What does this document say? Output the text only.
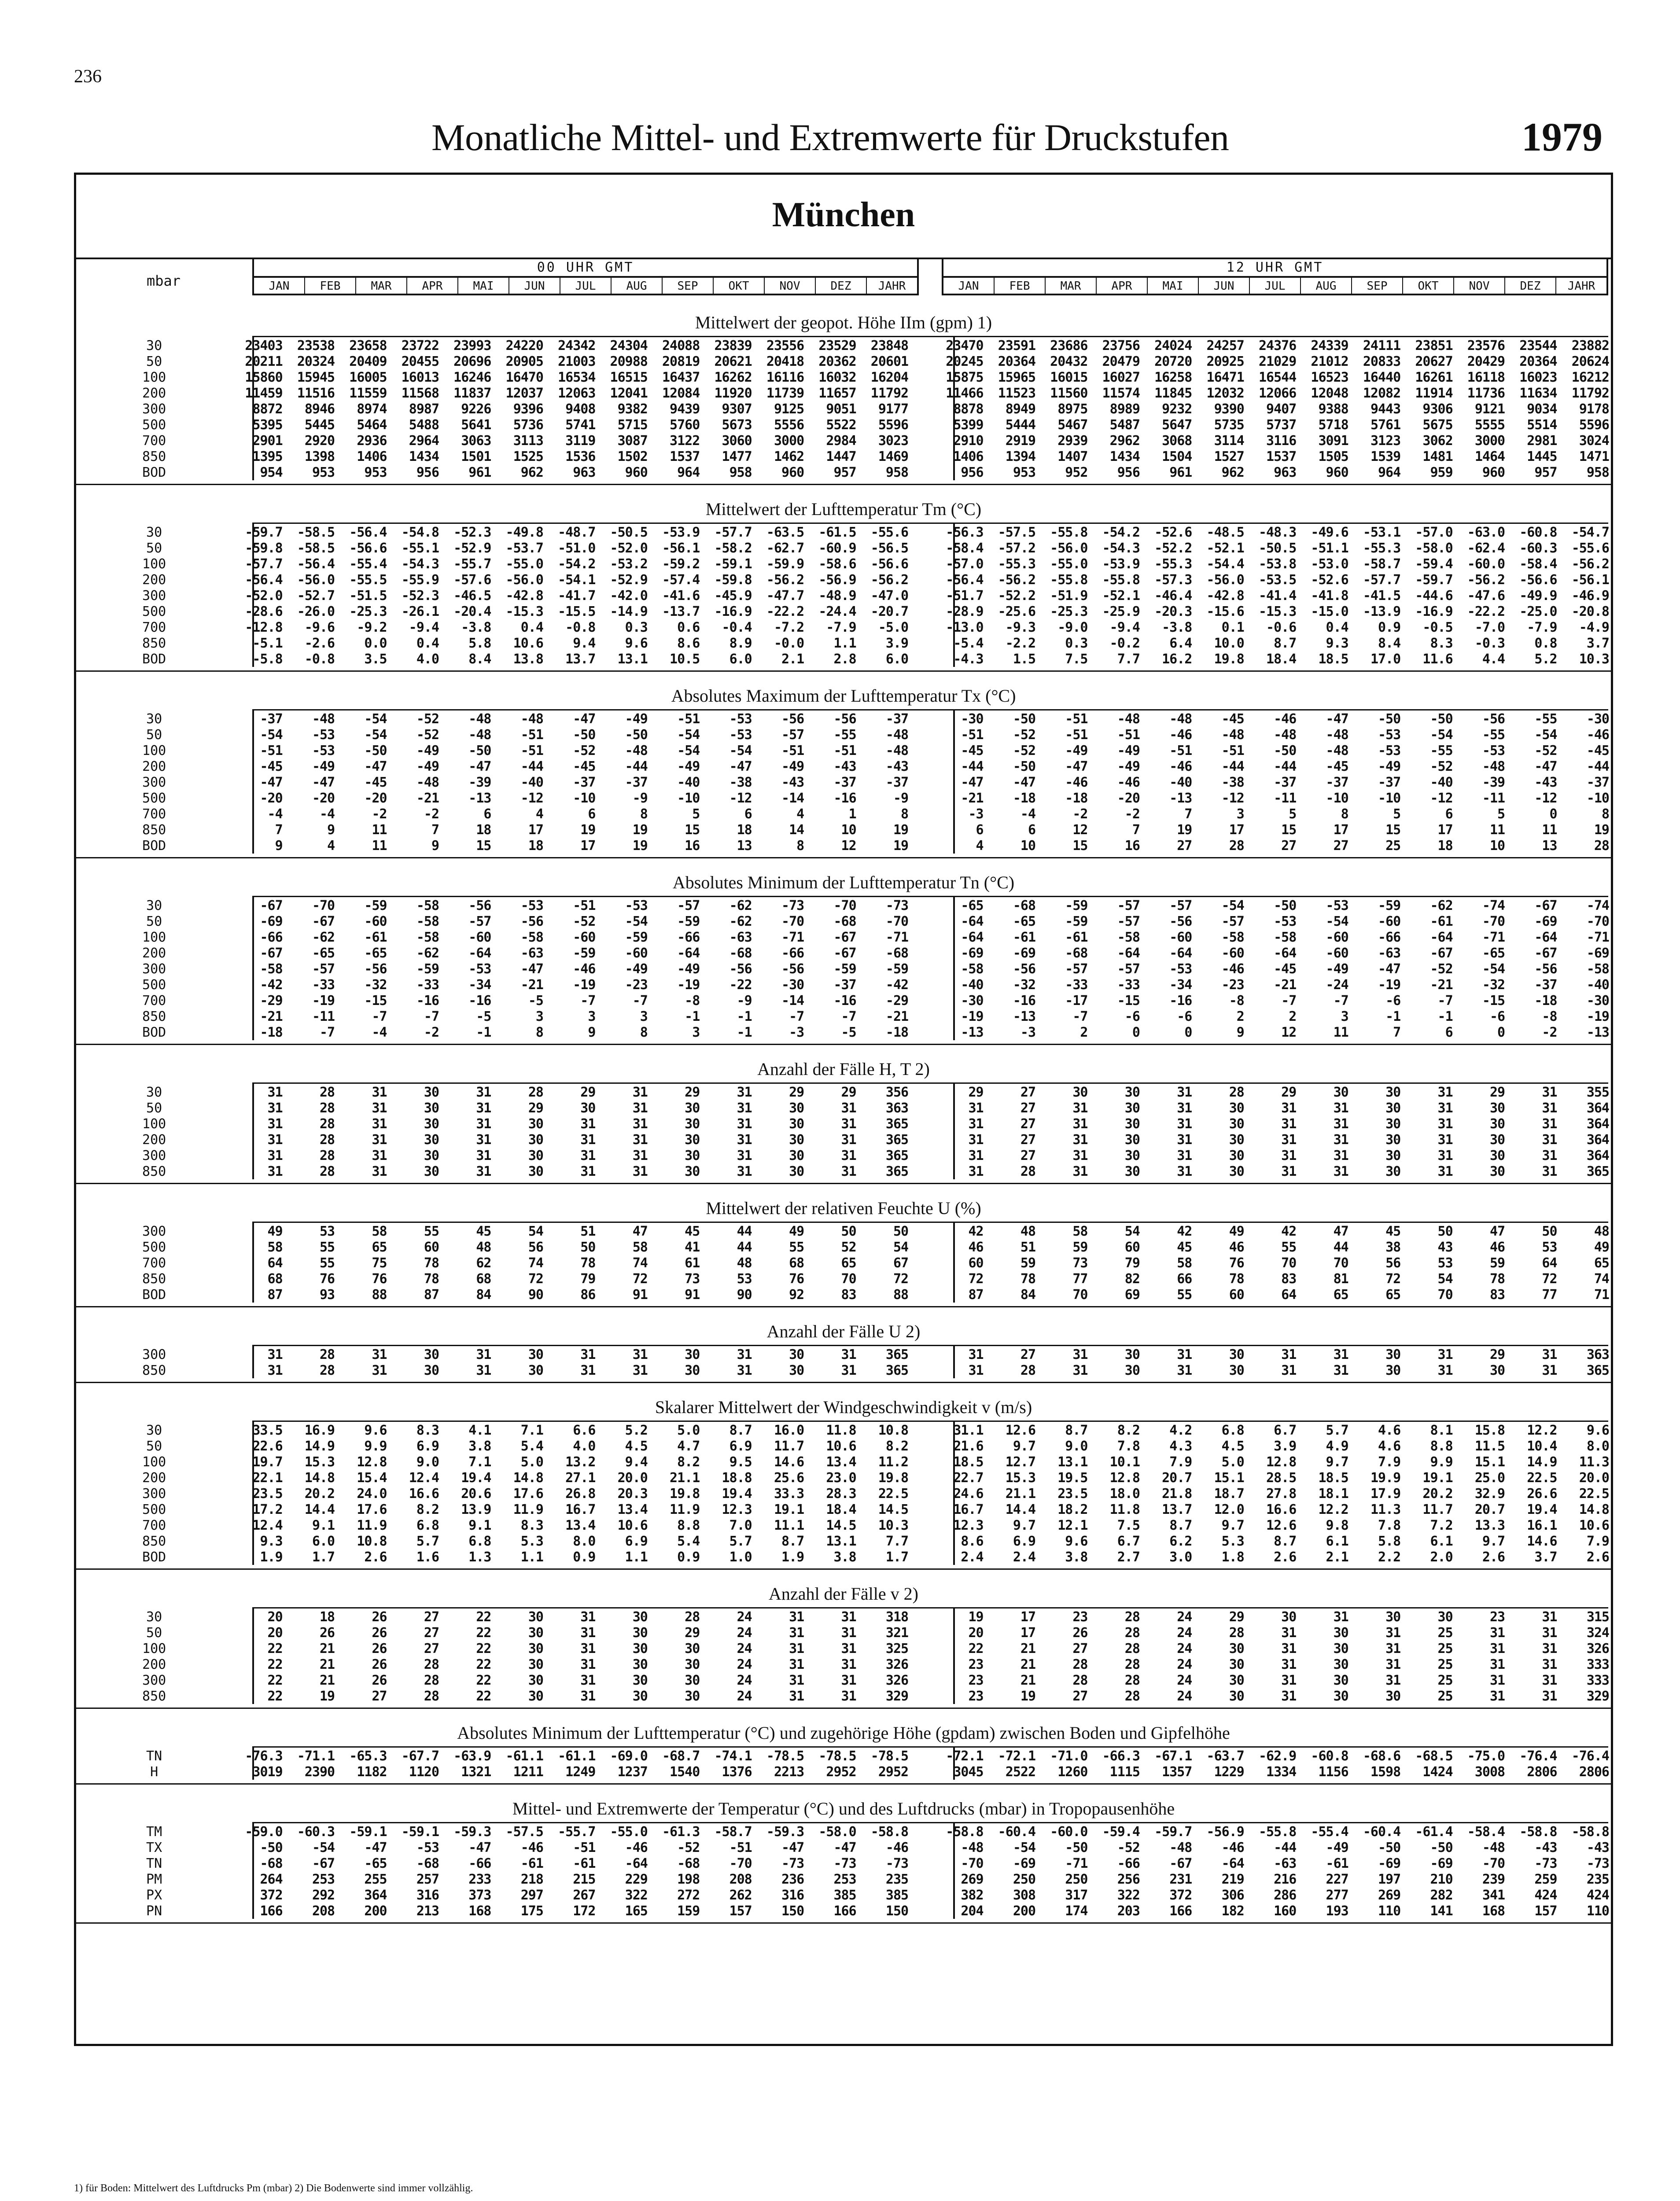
236
Monatliche Mittel- und Extremwerte für Druckstufen	1979
München
mbar
00 UHR GMT
JAN	FEB	MAR	APR	MAI	JUN	JUL	AUG	SEP	OKT	NOV	DEZ	JAHR
12 UHR GMT
JAN	FEB	MAR	APR	MAI	JUN	JUL	AUG	SEP	OKT	NOV	DEZ	JAHR
Mittelwert der geopot. Höhe IIm (gpm) 1)
30	23403	23538	23658	23722	23993	24220	24342	24304	24088	23839	23556	23529	23848	23470	23591	23686	23756	24024	24257	24376	24339	24111	23851	23576	23544	23882
50	20211	20324	20409	20455	20696	20905	21003	20988	20819	20621	20418	20362	20601	20245	20364	20432	20479	20720	20925	21029	21012	20833	20627	20429	20364	20624
100	15860	15945	16005	16013	16246	16470	16534	16515	16437	16262	16116	16032	16204	15875	15965	16015	16027	16258	16471	16544	16523	16440	16261	16118	16023	16212
200	11459	11516	11559	11568	11837	12037	12063	12041	12084	11920	11739	11657	11792	11466	11523	11560	11574	11845	12032	12066	12048	12082	11914	11736	11634	11792
300	8872	8946	8974	8987	9226	9396	9408	9382	9439	9307	9125	9051	9177	8878	8949	8975	8989	9232	9390	9407	9388	9443	9306	9121	9034	9178
500	5395	5445	5464	5488	5641	5736	5741	5715	5760	5673	5556	5522	5596	5399	5444	5467	5487	5647	5735	5737	5718	5761	5675	5555	5514	5596
700	2901	2920	2936	2964	3063	3113	3119	3087	3122	3060	3000	2984	3023	2910	2919	2939	2962	3068	3114	3116	3091	3123	3062	3000	2981	3024
850	1395	1398	1406	1434	1501	1525	1536	1502	1537	1477	1462	1447	1469	1406	1394	1407	1434	1504	1527	1537	1505	1539	1481	1464	1445	1471
BOD	954	953	953	956	961	962	963	960	964	958	960	957	958	956	953	952	956	961	962	963	960	964	959	960	957	958
Mittelwert der Lufttemperatur Tm (°C)
30	-59.7	-58.5	-56.4	-54.8	-52.3	-49.8	-48.7	-50.5	-53.9	-57.7	-63.5	-61.5	-55.6	-56.3	-57.5	-55.8	-54.2	-52.6	-48.5	-48.3	-49.6	-53.1	-57.0	-63.0	-60.8	-54.7
50	-59.8	-58.5	-56.6	-55.1	-52.9	-53.7	-51.0	-52.0	-56.1	-58.2	-62.7	-60.9	-56.5	-58.4	-57.2	-56.0	-54.3	-52.2	-52.1	-50.5	-51.1	-55.3	-58.0	-62.4	-60.3	-55.6
100	-57.7	-56.4	-55.4	-54.3	-55.7	-55.0	-54.2	-53.2	-59.2	-59.1	-59.9	-58.6	-56.6	-57.0	-55.3	-55.0	-53.9	-55.3	-54.4	-53.8	-53.0	-58.7	-59.4	-60.0	-58.4	-56.2
200	-56.4	-56.0	-55.5	-55.9	-57.6	-56.0	-54.1	-52.9	-57.4	-59.8	-56.2	-56.9	-56.2	-56.4	-56.2	-55.8	-55.8	-57.3	-56.0	-53.5	-52.6	-57.7	-59.7	-56.2	-56.6	-56.1
300	-52.0	-52.7	-51.5	-52.3	-46.5	-42.8	-41.7	-42.0	-41.6	-45.9	-47.7	-48.9	-47.0	-51.7	-52.2	-51.9	-52.1	-46.4	-42.8	-41.4	-41.8	-41.5	-44.6	-47.6	-49.9	-46.9
500	-28.6	-26.0	-25.3	-26.1	-20.4	-15.3	-15.5	-14.9	-13.7	-16.9	-22.2	-24.4	-20.7	-28.9	-25.6	-25.3	-25.9	-20.3	-15.6	-15.3	-15.0	-13.9	-16.9	-22.2	-25.0	-20.8
700	-12.8	-9.6	-9.2	-9.4	-3.8	0.4	-0.8	0.3	0.6	-0.4	-7.2	-7.9	-5.0	-13.0	-9.3	-9.0	-9.4	-3.8	0.1	-0.6	0.4	0.9	-0.5	-7.0	-7.9	-4.9
850	-5.1	-2.6	0.0	0.4	5.8	10.6	9.4	9.6	8.6	8.9	-0.0	1.1	3.9	-5.4	-2.2	0.3	-0.2	6.4	10.0	8.7	9.3	8.4	8.3	-0.3	0.8	3.7
BOD	-5.8	-0.8	3.5	4.0	8.4	13.8	13.7	13.1	10.5	6.0	2.1	2.8	6.0	-4.3	1.5	7.5	7.7	16.2	19.8	18.4	18.5	17.0	11.6	4.4	5.2	10.3
Absolutes Maximum der Lufttemperatur Tx (°C)
30	-37	-48	-54	-52	-48	-48	-47	-49	-51	-53	-56	-56	-37	-30	-50	-51	-48	-48	-45	-46	-47	-50	-50	-56	-55	-30
50	-54	-53	-54	-52	-48	-51	-50	-50	-54	-53	-57	-55	-48	-51	-52	-51	-51	-46	-48	-48	-48	-53	-54	-55	-54	-46
100	-51	-53	-50	-49	-50	-51	-52	-48	-54	-54	-51	-51	-48	-45	-52	-49	-49	-51	-51	-50	-48	-53	-55	-53	-52	-45
200	-45	-49	-47	-49	-47	-44	-45	-44	-49	-47	-49	-43	-43	-44	-50	-47	-49	-46	-44	-44	-45	-49	-52	-48	-47	-44
300	-47	-47	-45	-48	-39	-40	-37	-37	-40	-38	-43	-37	-37	-47	-47	-46	-46	-40	-38	-37	-37	-37	-40	-39	-43	-37
500	-20	-20	-20	-21	-13	-12	-10	-9	-10	-12	-14	-16	-9	-21	-18	-18	-20	-13	-12	-11	-10	-10	-12	-11	-12	-10
700	-4	-4	-2	-2	6	4	6	8	5	6	4	1	8	-3	-4	-2	-2	7	3	5	8	5	6	5	0	8
850	7	9	11	7	18	17	19	19	15	18	14	10	19	6	6	12	7	19	17	15	17	15	17	11	11	19
BOD	9	4	11	9	15	18	17	19	16	13	8	12	19	4	10	15	16	27	28	27	27	25	18	10	13	28
Absolutes Minimum der Lufttemperatur Tn (°C)
30	-67	-70	-59	-58	-56	-53	-51	-53	-57	-62	-73	-70	-73	-65	-68	-59	-57	-57	-54	-50	-53	-59	-62	-74	-67	-74
50	-69	-67	-60	-58	-57	-56	-52	-54	-59	-62	-70	-68	-70	-64	-65	-59	-57	-56	-57	-53	-54	-60	-61	-70	-69	-70
100	-66	-62	-61	-58	-60	-58	-60	-59	-66	-63	-71	-67	-71	-64	-61	-61	-58	-60	-58	-58	-60	-66	-64	-71	-64	-71
200	-67	-65	-65	-62	-64	-63	-59	-60	-64	-68	-66	-67	-68	-69	-69	-68	-64	-64	-60	-64	-60	-63	-67	-65	-67	-69
300	-58	-57	-56	-59	-53	-47	-46	-49	-49	-56	-56	-59	-59	-58	-56	-57	-57	-53	-46	-45	-49	-47	-52	-54	-56	-58
500	-42	-33	-32	-33	-34	-21	-19	-23	-19	-22	-30	-37	-42	-40	-32	-33	-33	-34	-23	-21	-24	-19	-21	-32	-37	-40
700	-29	-19	-15	-16	-16	-5	-7	-7	-8	-9	-14	-16	-29	-30	-16	-17	-15	-16	-8	-7	-7	-6	-7	-15	-18	-30
850	-21	-11	-7	-7	-5	3	3	3	-1	-1	-7	-7	-21	-19	-13	-7	-6	-6	2	2	3	-1	-1	-6	-8	-19
BOD	-18	-7	-4	-2	-1	8	9	8	3	-1	-3	-5	-18	-13	-3	2	0	0	9	12	11	7	6	0	-2	-13
Anzahl der Fälle H, T 2)
30	31	28	31	30	31	28	29	31	29	31	29	29	356	29	27	30	30	31	28	29	30	30	31	29	31	355
50	31	28	31	30	31	29	30	31	30	31	30	31	363	31	27	31	30	31	30	31	31	30	31	30	31	364
100	31	28	31	30	31	30	31	31	30	31	30	31	365	31	27	31	30	31	30	31	31	30	31	30	31	364
200	31	28	31	30	31	30	31	31	30	31	30	31	365	31	27	31	30	31	30	31	31	30	31	30	31	364
300	31	28	31	30	31	30	31	31	30	31	30	31	365	31	27	31	30	31	30	31	31	30	31	30	31	364
850	31	28	31	30	31	30	31	31	30	31	30	31	365	31	28	31	30	31	30	31	31	30	31	30	31	365
Mittelwert der relativen Feuchte U (%)
300	49	53	58	55	45	54	51	47	45	44	49	50	50	42	48	58	54	42	49	42	47	45	50	47	50	48
500	58	55	65	60	48	56	50	58	41	44	55	52	54	46	51	59	60	45	46	55	44	38	43	46	53	49
700	64	55	75	78	62	74	78	74	61	48	68	65	67	60	59	73	79	58	76	70	70	56	53	59	64	65
850	68	76	76	78	68	72	79	72	73	53	76	70	72	72	78	77	82	66	78	83	81	72	54	78	72	74
BOD	87	93	88	87	84	90	86	91	91	90	92	83	88	87	84	70	69	55	60	64	65	65	70	83	77	71
Anzahl der Fälle U 2)
300	31	28	31	30	31	30	31	31	30	31	30	31	365	31	27	31	30	31	30	31	31	30	31	29	31	363
850	31	28	31	30	31	30	31	31	30	31	30	31	365	31	28	31	30	31	30	31	31	30	31	30	31	365
Skalarer Mittelwert der Windgeschwindigkeit v (m/s)
30	33.5	16.9	9.6	8.3	4.1	7.1	6.6	5.2	5.0	8.7	16.0	11.8	10.8	31.1	12.6	8.7	8.2	4.2	6.8	6.7	5.7	4.6	8.1	15.8	12.2	9.6
50	22.6	14.9	9.9	6.9	3.8	5.4	4.0	4.5	4.7	6.9	11.7	10.6	8.2	21.6	9.7	9.0	7.8	4.3	4.5	3.9	4.9	4.6	8.8	11.5	10.4	8.0
100	19.7	15.3	12.8	9.0	7.1	5.0	13.2	9.4	8.2	9.5	14.6	13.4	11.2	18.5	12.7	13.1	10.1	7.9	5.0	12.8	9.7	7.9	9.9	15.1	14.9	11.3
200	22.1	14.8	15.4	12.4	19.4	14.8	27.1	20.0	21.1	18.8	25.6	23.0	19.8	22.7	15.3	19.5	12.8	20.7	15.1	28.5	18.5	19.9	19.1	25.0	22.5	20.0
300	23.5	20.2	24.0	16.6	20.6	17.6	26.8	20.3	19.8	19.4	33.3	28.3	22.5	24.6	21.1	23.5	18.0	21.8	18.7	27.8	18.1	17.9	20.2	32.9	26.6	22.5
500	17.2	14.4	17.6	8.2	13.9	11.9	16.7	13.4	11.9	12.3	19.1	18.4	14.5	16.7	14.4	18.2	11.8	13.7	12.0	16.6	12.2	11.3	11.7	20.7	19.4	14.8
700	12.4	9.1	11.9	6.8	9.1	8.3	13.4	10.6	8.8	7.0	11.1	14.5	10.3	12.3	9.7	12.1	7.5	8.7	9.7	12.6	9.8	7.8	7.2	13.3	16.1	10.6
850	9.3	6.0	10.8	5.7	6.8	5.3	8.0	6.9	5.4	5.7	8.7	13.1	7.7	8.6	6.9	9.6	6.7	6.2	5.3	8.7	6.1	5.8	6.1	9.7	14.6	7.9
BOD	1.9	1.7	2.6	1.6	1.3	1.1	0.9	1.1	0.9	1.0	1.9	3.8	1.7	2.4	2.4	3.8	2.7	3.0	1.8	2.6	2.1	2.2	2.0	2.6	3.7	2.6
Anzahl der Fälle v 2)
30	20	18	26	27	22	30	31	30	28	24	31	31	318	19	17	23	28	24	29	30	31	30	30	23	31	315
50	20	26	26	27	22	30	31	30	29	24	31	31	321	20	17	26	28	24	28	31	30	31	25	31	31	324
100	22	21	26	27	22	30	31	30	30	24	31	31	325	22	21	27	28	24	30	31	30	31	25	31	31	326
200	22	21	26	28	22	30	31	30	30	24	31	31	326	23	21	28	28	24	30	31	30	31	25	31	31	333
300	22	21	26	28	22	30	31	30	30	24	31	31	326	23	21	28	28	24	30	31	30	31	25	31	31	333
850	22	19	27	28	22	30	31	30	30	24	31	31	329	23	19	27	28	24	30	31	30	30	25	31	31	329
Absolutes Minimum der Lufttemperatur (°C) und zugehörige Höhe (gpdam) zwischen Boden und Gipfelhöhe
TN	-76.3	-71.1	-65.3	-67.7	-63.9	-61.1	-61.1	-69.0	-68.7	-74.1	-78.5	-78.5	-78.5	-72.1	-72.1	-71.0	-66.3	-67.1	-63.7	-62.9	-60.8	-68.6	-68.5	-75.0	-76.4	-76.4
H	3019	2390	1182	1120	1321	1211	1249	1237	1540	1376	2213	2952	2952	3045	2522	1260	1115	1357	1229	1334	1156	1598	1424	3008	2806	2806
Mittel- und Extremwerte der Temperatur (°C) und des Luftdrucks (mbar) in Tropopausenhöhe
TM	-59.0	-60.3	-59.1	-59.1	-59.3	-57.5	-55.7	-55.0	-61.3	-58.7	-59.3	-58.0	-58.8	-58.8	-60.4	-60.0	-59.4	-59.7	-56.9	-55.8	-55.4	-60.4	-61.4	-58.4	-58.8	-58.8
TX	-50	-54	-47	-53	-47	-46	-51	-46	-52	-51	-47	-47	-46	-48	-54	-50	-52	-48	-46	-44	-49	-50	-50	-48	-43	-43
TN	-68	-67	-65	-68	-66	-61	-61	-64	-68	-70	-73	-73	-73	-70	-69	-71	-66	-67	-64	-63	-61	-69	-69	-70	-73	-73
PM	264	253	255	257	233	218	215	229	198	208	236	253	235	269	250	250	256	231	219	216	227	197	210	239	259	235
PX	372	292	364	316	373	297	267	322	272	262	316	385	385	382	308	317	322	372	306	286	277	269	282	341	424	424
PN	166	208	200	213	168	175	172	165	159	157	150	166	150	204	200	174	203	166	182	160	193	110	141	168	157	110
1) für Boden: Mittelwert des Luftdrucks Pm (mbar) 2) Die Bodenwerte sind immer vollzählig.
